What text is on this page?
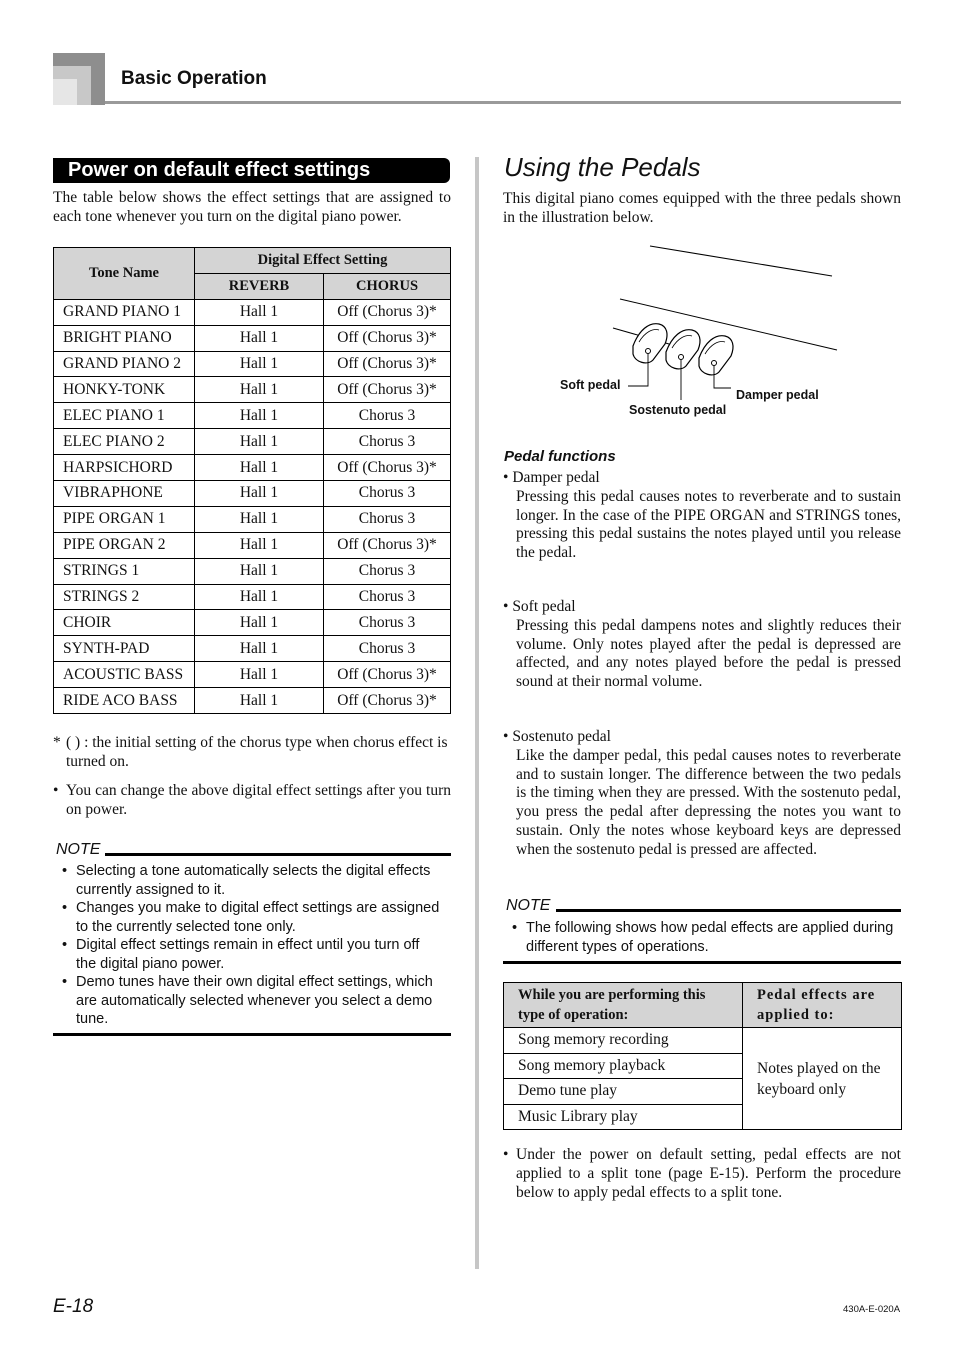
Basic Operation
Power on default effect settings
The table below shows the effect settings that are assigned to each tone whenever you turn on the digital piano power.
Tone Name	Digital Effect Setting	
	REVERB	CHORUS
GRAND PIANO 1	Hall 1	Off (Chorus 3)*
BRIGHT PIANO	Hall 1	Off (Chorus 3)*
GRAND PIANO 2	Hall 1	Off (Chorus 3)*
HONKY-TONK	Hall 1	Off (Chorus 3)*
ELEC PIANO 1	Hall 1	Chorus 3
ELEC PIANO 2	Hall 1	Chorus 3
HARPSICHORD	Hall 1	Off (Chorus 3)*
VIBRAPHONE	Hall 1	Chorus 3
PIPE ORGAN 1	Hall 1	Chorus 3
PIPE ORGAN 2	Hall 1	Off (Chorus 3)*
STRINGS 1	Hall 1	Chorus 3
STRINGS 2	Hall 1	Chorus 3
CHOIR	Hall 1	Chorus 3
SYNTH-PAD	Hall 1	Chorus 3
ACOUSTIC BASS	Hall 1	Off (Chorus 3)*
RIDE ACO BASS	Hall 1	Off (Chorus 3)*
* ( ) : the initial setting of the chorus type when chorus effect is turned on.
• You can change the above digital effect settings after you turn on power.
NOTE
• Selecting a tone automatically selects the digital effects currently assigned to it.
• Changes you make to digital effect settings are assigned to the currently selected tone only.
• Digital effect settings remain in effect until you turn off the digital piano power.
• Demo tunes have their own digital effect settings, which are automatically selected whenever you select a demo tune.
Using the Pedals
This digital piano comes equipped with the three pedals shown in the illustration below.
Soft pedal
Sostenuto pedal
Damper pedal
Pedal functions
• Damper pedal
Pressing this pedal causes notes to reverberate and to sustain longer. In the case of the PIPE ORGAN and STRINGS tones, pressing this pedal sustains the notes played until you release the pedal.
• Soft pedal
Pressing this pedal dampens notes and slightly reduces their volume. Only notes played after the pedal is depressed are affected, and any notes played before the pedal is pressed sound at their normal volume.
• Sostenuto pedal
Like the damper pedal, this pedal causes notes to reverberate and to sustain longer. The difference between the two pedals is the timing when they are pressed. With the sostenuto pedal, you press the pedal after depressing the notes you want to sustain. Only the notes whose keyboard keys are depressed when the sostenuto pedal is pressed are affected.
NOTE
• The following shows how pedal effects are applied during different types of operations.
While you are performing this type of operation:	Pedal effects are applied to:
Song memory recording	Notes played on the keyboard only
Song memory playback	
Demo tune play	
Music Library play	
• Under the power on default setting, pedal effects are not applied to a split tone (page E-15). Perform the procedure below to apply pedal effects to a split tone.
E-18	430A-E-020A
